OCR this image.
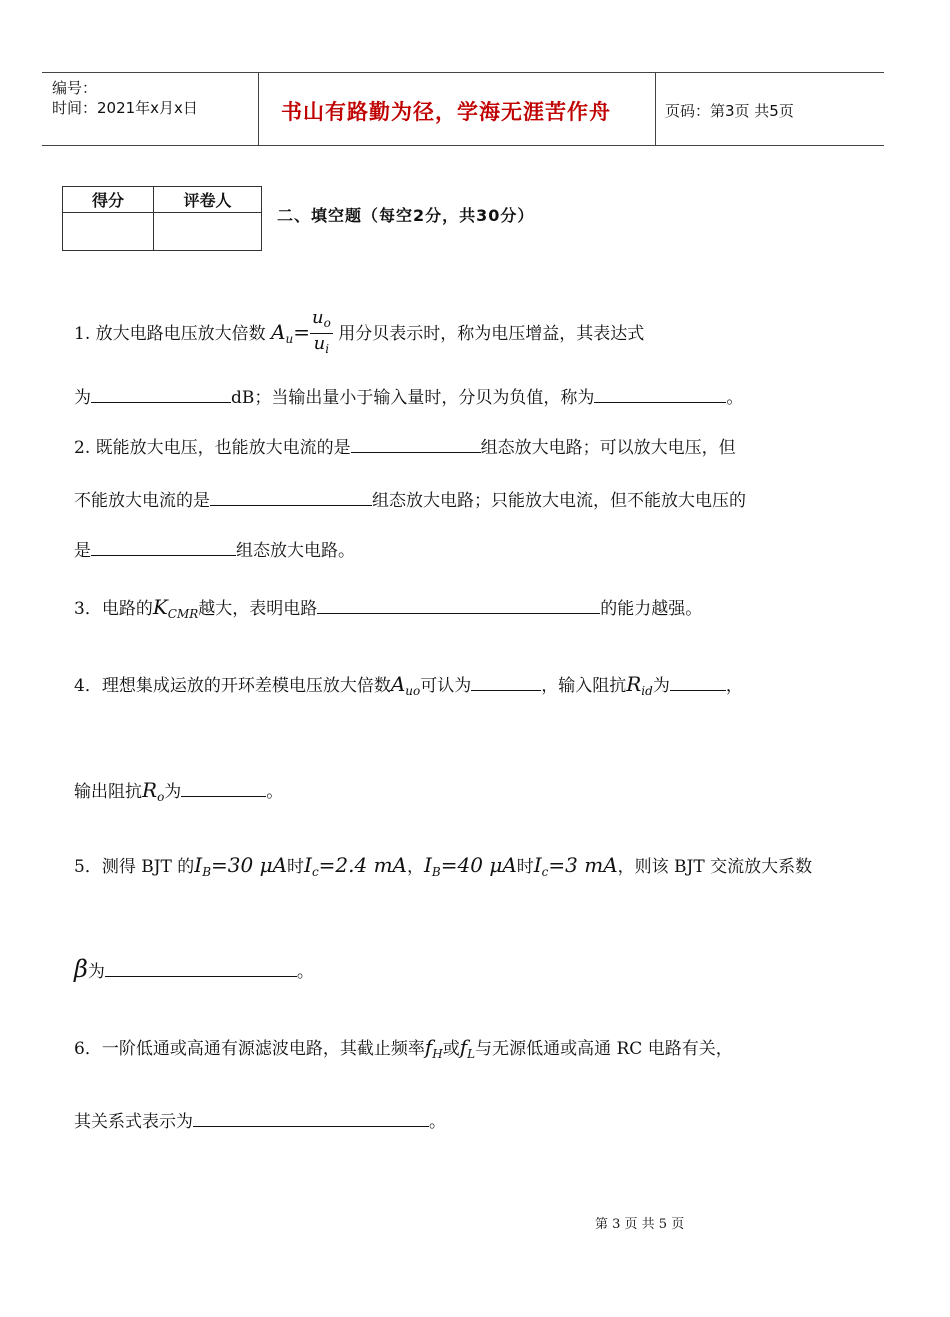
编号：
时间：2021年x月x日	书山有路勤为径，学海无涯苦作舟	页码：第3页 共5页
得分	评卷人

二、填空题（每空2分，共30分）
1. 放大电路电压放大倍数 $A_u= \frac{u_o}{u_i}$ 用分贝表示时，称为电压增益，其表达式
为	dB；当输出量小于输入量时，分贝为负值，称为	。
2. 既能放大电压，也能放大电流的是	组态放大电路；可以放大电压，但
不能放大电流的是	组态放大电路；只能放大电流，但不能放大电压的
是	组态放大电路。
3．电路的$K_{CMR}$越大，表明电路	的能力越强。
4．理想集成运放的开环差模电压放大倍数$A_{uo}$可认为	，输入阻抗$R_{id}$为	，
输出阻抗$R_o$为	。
5．测得 BJT 的$I_B=30$ μA时$I_c=2.4$ mA，$I_B=40$ μA时$I_c=3$ mA，则该 BJT 交流放大系数
β为	。
6．一阶低通或高通有源滤波电路，其截止频率$f_H$或$f_L$与无源低通或高通 RC 电路有关，
其关系式表示为	。
第 3 页 共 5 页
